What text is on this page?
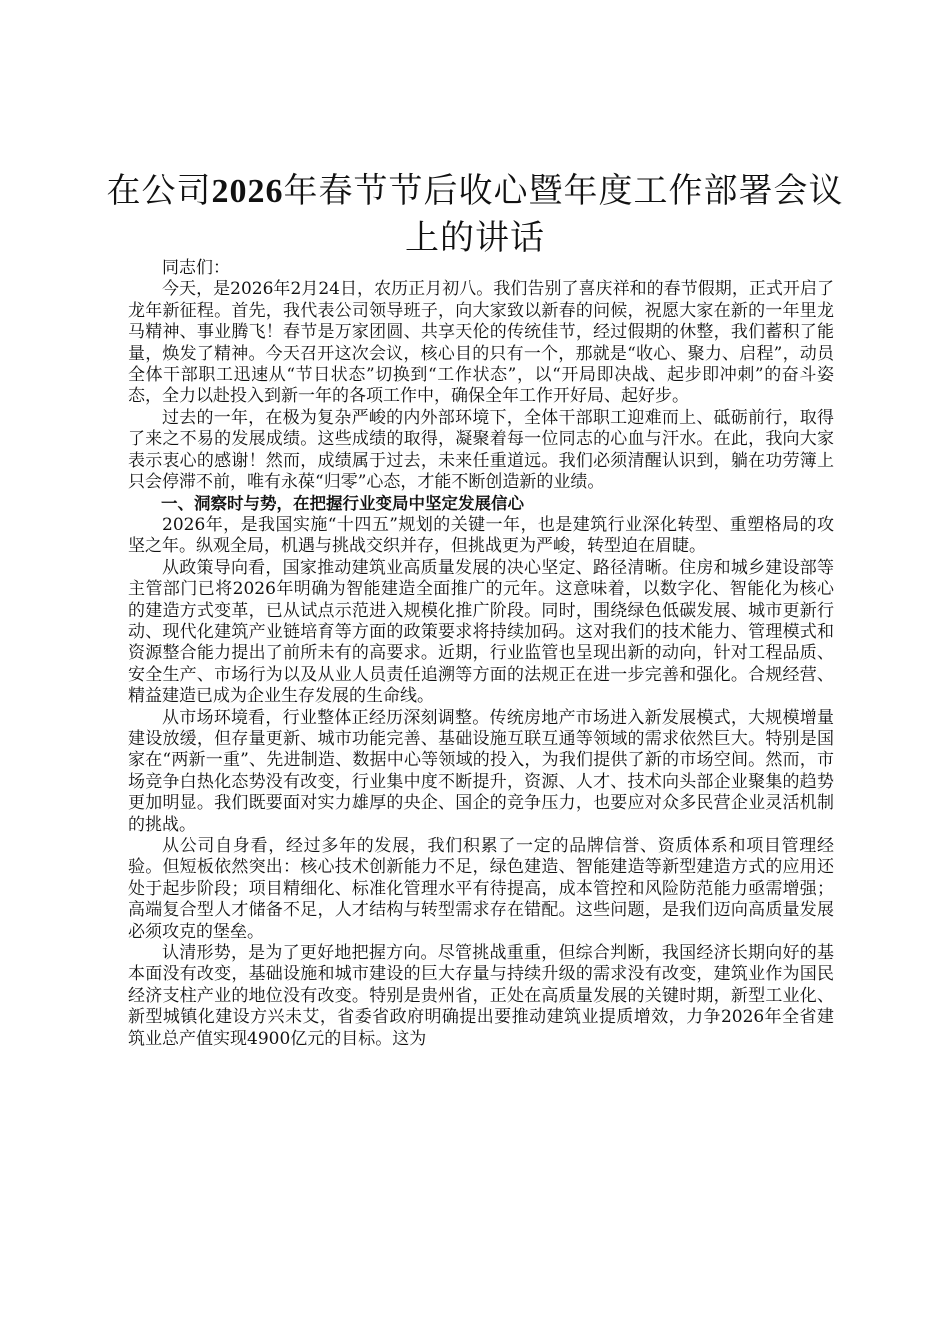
在公司2026年春节节后收心暨年度工作部署会议上的讲话

同志们：

今天，是2026年2月24日，农历正月初八。我们告别了喜庆祥和的春节假期，正式开启了龙年新征程。首先，我代表公司领导班子，向大家致以新春的问候，祝愿大家在新的一年里龙马精神、事业腾飞！春节是万家团圆、共享天伦的传统佳节，经过假期的休整，我们蓄积了能量，焕发了精神。今天召开这次会议，核心目的只有一个，那就是“收心、聚力、启程”，动员全体干部职工迅速从“节日状态”切换到“工作状态”，以“开局即决战、起步即冲刺”的奋斗姿态，全力以赴投入到新一年的各项工作中，确保全年工作开好局、起好步。

过去的一年，在极为复杂严峻的内外部环境下，全体干部职工迎难而上、砥砺前行，取得了来之不易的发展成绩。这些成绩的取得，凝聚着每一位同志的心血与汗水。在此，我向大家表示衷心的感谢！然而，成绩属于过去，未来任重道远。我们必须清醒认识到，躺在功劳簿上只会停滞不前，唯有永葆“归零”心态，才能不断创造新的业绩。

一、洞察时与势，在把握行业变局中坚定发展信心

2026年，是我国实施“十四五”规划的关键一年，也是建筑行业深化转型、重塑格局的攻坚之年。纵观全局，机遇与挑战交织并存，但挑战更为严峻，转型迫在眉睫。

从政策导向看，国家推动建筑业高质量发展的决心坚定、路径清晰。住房和城乡建设部等主管部门已将2026年明确为智能建造全面推广的元年。这意味着，以数字化、智能化为核心的建造方式变革，已从试点示范进入规模化推广阶段。同时，围绕绿色低碳发展、城市更新行动、现代化建筑产业链培育等方面的政策要求将持续加码。这对我们的技术能力、管理模式和资源整合能力提出了前所未有的高要求。近期，行业监管也呈现出新的动向，针对工程品质、安全生产、市场行为以及从业人员责任追溯等方面的法规正在进一步完善和强化。合规经营、精益建造已成为企业生存发展的生命线。

从市场环境看，行业整体正经历深刻调整。传统房地产市场进入新发展模式，大规模增量建设放缓，但存量更新、城市功能完善、基础设施互联互通等领域的需求依然巨大。特别是国家在“两新一重”、先进制造、数据中心等领域的投入，为我们提供了新的市场空间。然而，市场竞争白热化态势没有改变，行业集中度不断提升，资源、人才、技术向头部企业聚集的趋势更加明显。我们既要面对实力雄厚的央企、国企的竞争压力，也要应对众多民营企业灵活机制的挑战。

从公司自身看，经过多年的发展，我们积累了一定的品牌信誉、资质体系和项目管理经验。但短板依然突出：核心技术创新能力不足，绿色建造、智能建造等新型建造方式的应用还处于起步阶段；项目精细化、标准化管理水平有待提高，成本管控和风险防范能力亟需增强；高端复合型人才储备不足，人才结构与转型需求存在错配。这些问题，是我们迈向高质量发展必须攻克的堡垒。

认清形势，是为了更好地把握方向。尽管挑战重重，但综合判断，我国经济长期向好的基本面没有改变，基础设施和城市建设的巨大存量与持续升级的需求没有改变，建筑业作为国民经济支柱产业的地位没有改变。特别是贵州省，正处在高质量发展的关键时期，新型工业化、新型城镇化建设方兴未艾，省委省政府明确提出要推动建筑业提质增效，力争2026年全省建筑业总产值实现4900亿元的目标。这为
